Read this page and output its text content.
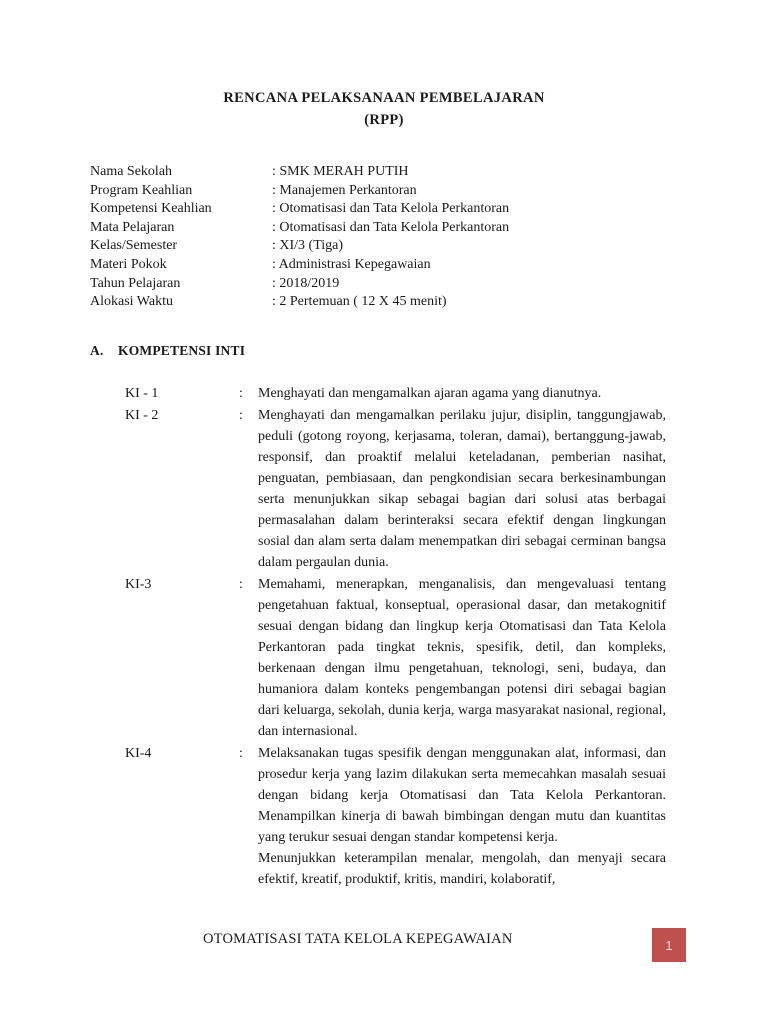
RENCANA PELAKSANAAN PEMBELAJARAN
(RPP)
Nama Sekolah	: SMK MERAH PUTIH
Program Keahlian	: Manajemen Perkantoran
Kompetensi Keahlian	: Otomatisasi dan Tata Kelola Perkantoran
Mata Pelajaran	: Otomatisasi dan Tata Kelola Perkantoran
Kelas/Semester	: XI/3 (Tiga)
Materi Pokok	: Administrasi Kepegawaian
Tahun Pelajaran	: 2018/2019
Alokasi Waktu	: 2 Pertemuan ( 12 X 45 menit)
A.	KOMPETENSI INTI
KI - 1	:	Menghayati dan mengamalkan ajaran agama yang dianutnya.

KI - 2	:	Menghayati dan mengamalkan perilaku jujur, disiplin, tanggungjawab, peduli (gotong royong, kerjasama, toleran, damai), bertanggung-jawab, responsif, dan proaktif melalui keteladanan, pemberian nasihat, penguatan, pembiasaan, dan pengkondisian secara berkesinambungan serta menunjukkan sikap sebagai bagian dari solusi atas berbagai permasalahan dalam berinteraksi secara efektif dengan lingkungan sosial dan alam serta dalam menempatkan diri sebagai cerminan bangsa dalam pergaulan dunia.

KI-3	:	Memahami, menerapkan, menganalisis, dan mengevaluasi tentang pengetahuan faktual, konseptual, operasional dasar, dan metakognitif sesuai dengan bidang dan lingkup kerja Otomatisasi dan Tata Kelola Perkantoran pada tingkat teknis, spesifik, detil, dan kompleks, berkenaan dengan ilmu pengetahuan, teknologi, seni, budaya, dan humaniora dalam konteks pengembangan potensi diri sebagai bagian dari keluarga, sekolah, dunia kerja, warga masyarakat nasional, regional, dan internasional.

KI-4	:	Melaksanakan tugas spesifik dengan menggunakan alat, informasi, dan prosedur kerja yang lazim dilakukan serta memecahkan masalah sesuai dengan bidang kerja Otomatisasi dan Tata Kelola Perkantoran. Menampilkan kinerja di bawah bimbingan dengan mutu dan kuantitas yang terukur sesuai dengan standar kompetensi kerja.

Menunjukkan keterampilan menalar, mengolah, dan menyaji secara efektif, kreatif, produktif, kritis, mandiri, kolaboratif,

OTOMATISASI TATA KELOLA KEPEGAWAIAN	1
